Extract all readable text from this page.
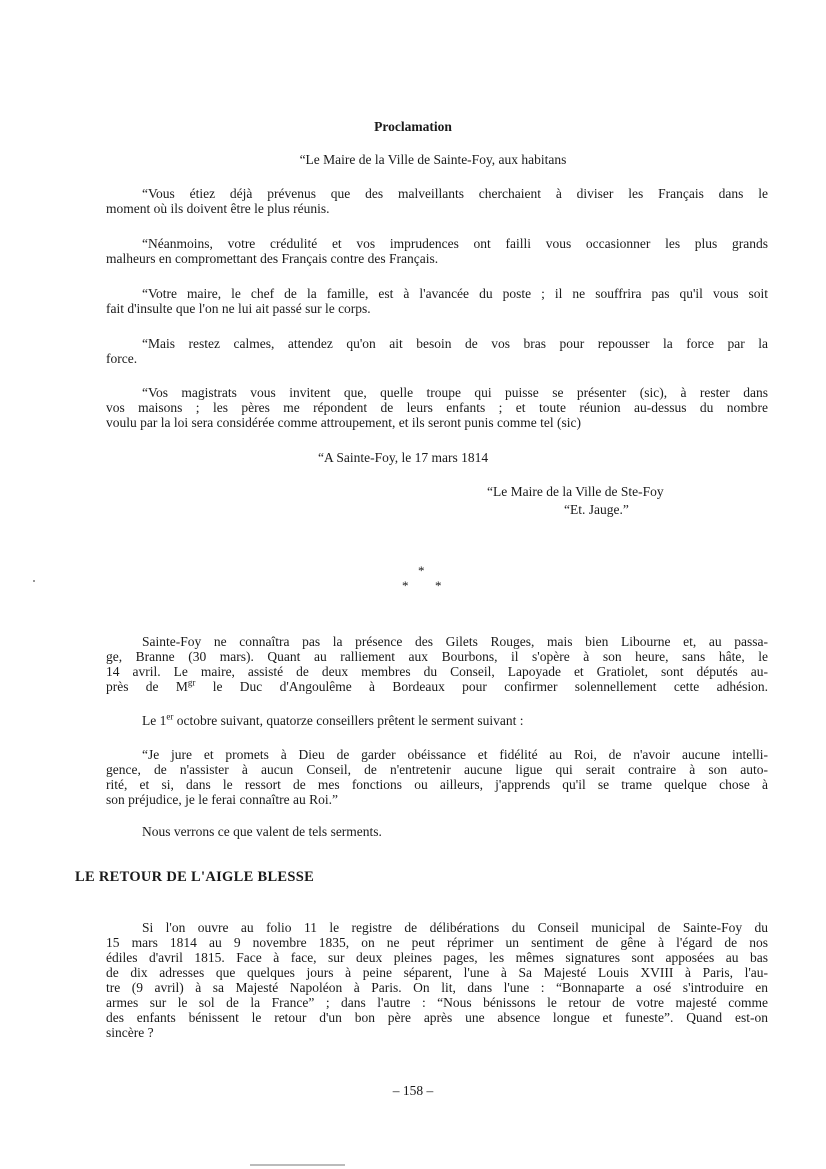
Proclamation
“Le Maire de la Ville de Sainte-Foy, aux habitans
“Vous étiez déjà prévenus que des malveillants cherchaient à diviser les Français dans le
moment où ils doivent être le plus réunis.
“Néanmoins, votre crédulité et vos imprudences ont failli vous occasionner les plus grands
malheurs en compromettant des Français contre des Français.
“Votre maire, le chef de la famille, est à l'avancée du poste ; il ne souffrira pas qu'il vous soit
fait d'insulte que l'on ne lui ait passé sur le corps.
“Mais restez calmes, attendez qu'on ait besoin de vos bras pour repousser la force par la
force.
“Vos magistrats vous invitent que, quelle troupe qui puisse se présenter (sic), à rester dans
vos maisons ; les pères me répondent de leurs enfants ; et toute réunion au-dessus du nombre
voulu par la loi sera considérée comme attroupement, et ils seront punis comme tel (sic)
“A Sainte-Foy, le 17 mars 1814
“Le Maire de la Ville de Ste-Foy
“Et. Jauge.”
*
* *
Sainte-Foy ne connaîtra pas la présence des Gilets Rouges, mais bien Libourne et, au passa-
ge, Branne (30 mars). Quant au ralliement aux Bourbons, il s'opère à son heure, sans hâte, le
14 avril. Le maire, assisté de deux membres du Conseil, Lapoyade et Gratiolet, sont députés au-
près de $M^{gr}$ le Duc d'Angoulême à Bordeaux pour confirmer solennellement cette adhésion.
Le 1er octobre suivant, quatorze conseillers prêtent le serment suivant :
“Je jure et promets à Dieu de garder obéissance et fidélité au Roi, de n'avoir aucune intelli-
gence, de n'assister à aucun Conseil, de n'entretenir aucune ligue qui serait contraire à son auto-
rité, et si, dans le ressort de mes fonctions ou ailleurs, j'apprends qu'il se trame quelque chose à
son préjudice, je le ferai connaître au Roi.”
Nous verrons ce que valent de tels serments.
LE RETOUR DE L'AIGLE BLESSE
Si l'on ouvre au folio 11 le registre de délibérations du Conseil municipal de Sainte-Foy du
15 mars 1814 au 9 novembre 1835, on ne peut réprimer un sentiment de gêne à l'égard de nos
édiles d'avril 1815. Face à face, sur deux pleines pages, les mêmes signatures sont apposées au bas
de dix adresses que quelques jours à peine séparent, l'une à Sa Majesté Louis XVIII à Paris, l'au-
tre (9 avril) à sa Majesté Napoléon à Paris. On lit, dans l'une : “Bonnaparte a osé s'introduire en
armes sur le sol de la France” ; dans l'autre : “Nous bénissons le retour de votre majesté comme
des enfants bénissent le retour d'un bon père après une absence longue et funeste”. Quand est-on
sincère ?
– 158 –
